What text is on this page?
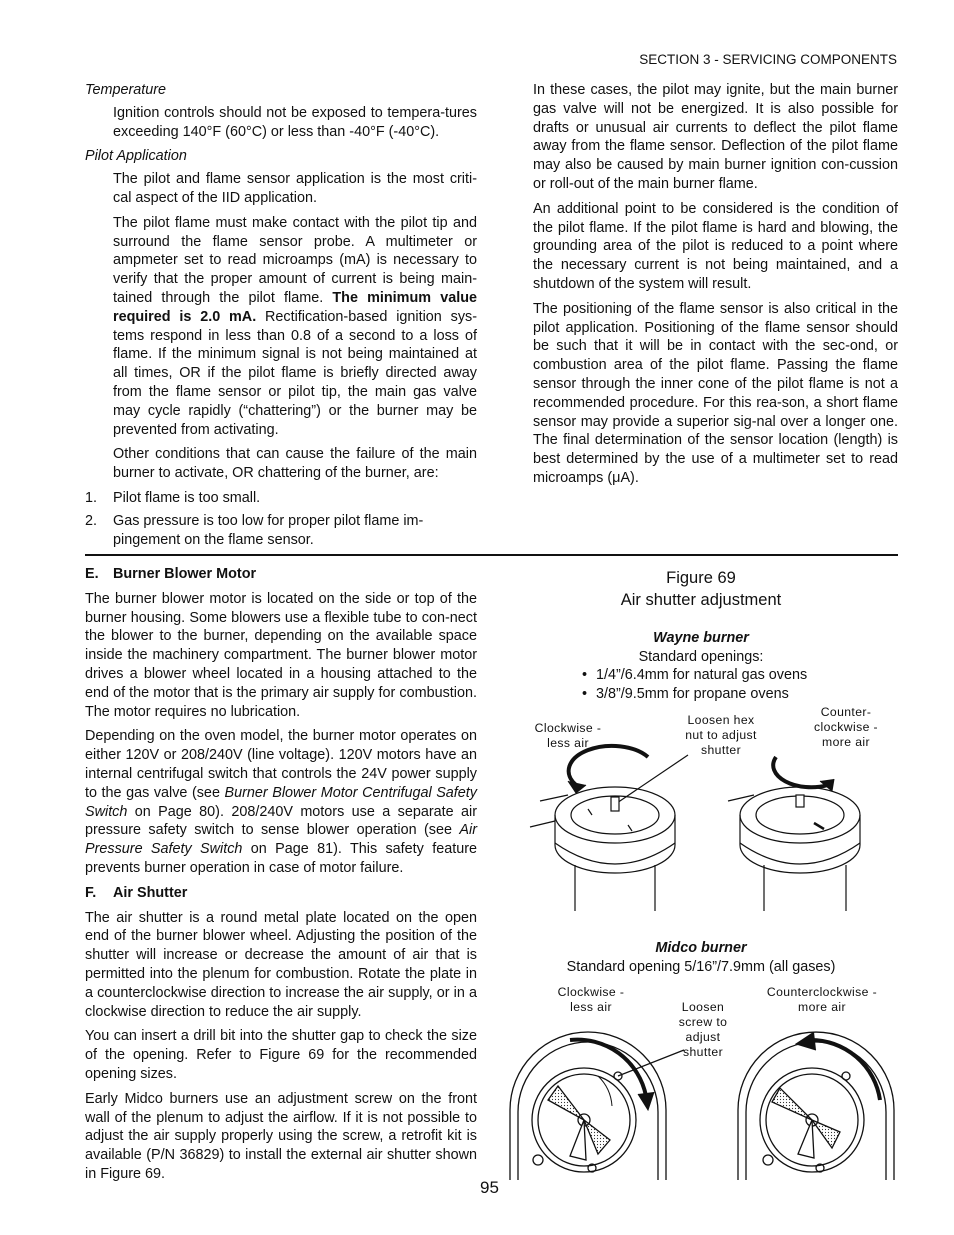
SECTION 3 - SERVICING COMPONENTS
Temperature

Ignition controls should not be exposed to tempera-tures exceeding 140°F (60°C) or less than -40°F (-40°C).

Pilot Application

The pilot and flame sensor application is the most criti-cal aspect of the IID application.

The pilot flame must make contact with the pilot tip and surround the flame sensor probe. A multimeter or ampmeter set to read microamps (mA) is necessary to verify that the proper amount of current is being main-tained through the pilot flame. The minimum value required is 2.0 mA. Rectification-based ignition sys-tems respond in less than 0.8 of a second to a loss of flame. If the minimum signal is not being maintained at all times, OR if the pilot flame is briefly directed away from the flame sensor or pilot tip, the main gas valve may cycle rapidly (“chattering”) or the burner may be prevented from activating.

Other conditions that can cause the failure of the main burner to activate, OR chattering of the burner, are:

1.	Pilot flame is too small.
2.	Gas pressure is too low for proper pilot flame im-pingement on the flame sensor.

In these cases, the pilot may ignite, but the main burner gas valve will not be energized. It is also possible for drafts or unusual air currents to deflect the pilot flame away from the flame sensor. Deflection of the pilot flame may also be caused by main burner ignition con-cussion or roll-out of the main burner flame.

An additional point to be considered is the condition of the pilot flame. If the pilot flame is hard and blowing, the grounding area of the pilot is reduced to a point where the necessary current is not being maintained, and a shutdown of the system will result.

The positioning of the flame sensor is also critical in the pilot application. Positioning of the flame sensor should be such that it will be in contact with the sec-ond, or combustion area of the pilot flame. Passing the flame sensor through the inner cone of the pilot flame is not a recommended procedure. For this rea-son, a short flame sensor may provide a superior sig-nal over a longer one. The final determination of the sensor location (length) is best determined by the use of a multimeter set to read microamps (μA).

E. Burner Blower Motor

The burner blower motor is located on the side or top of the burner housing. Some blowers use a flexible tube to con-nect the blower to the burner, depending on the available space inside the machinery compartment. The burner blower motor drives a blower wheel located in a housing attached to the end of the motor that is the primary air supply for combustion. The motor requires no lubrication.

Depending on the oven model, the burner motor operates on either 120V or 208/240V (line voltage). 120V motors have an internal centrifugal switch that controls the 24V power supply to the gas valve (see Burner Blower Motor Centrifugal Safety Switch on Page 80). 208/240V motors use a separate air pressure safety switch to sense blower operation (see Air Pressure Safety Switch on Page 81). This safety feature prevents burner operation in case of motor failure.

F.	Air Shutter

The air shutter is a round metal plate located on the open end of the burner blower wheel. Adjusting the position of the shutter will increase or decrease the amount of air that is permitted into the plenum for combustion. Rotate the plate in a counterclockwise direction to increase the air supply, or in a clockwise direction to reduce the air supply.

You can insert a drill bit into the shutter gap to check the size of the opening. Refer to Figure 69 for the recommended opening sizes.

Early Midco burners use an adjustment screw on the front wall of the plenum to adjust the airflow. If it is not possible to adjust the air supply properly using the screw, a retrofit kit is available (P/N 36829) to install the external air shutter shown in Figure 69.

Figure 69
Air shutter adjustment
Wayne burner
Standard openings:
• 1/4”/6.4mm for natural gas ovens
• 3/8”/9.5mm for propane ovens
Clockwise -
less air
Loosen hex
nut to adjust
shutter
Counter-
clockwise -
more air
Midco burner
Standard opening 5/16”/7.9mm (all gases)
Clockwise -
less air	Loosen
screw to
adjust
shutter
Counterclockwise -
more air
95
